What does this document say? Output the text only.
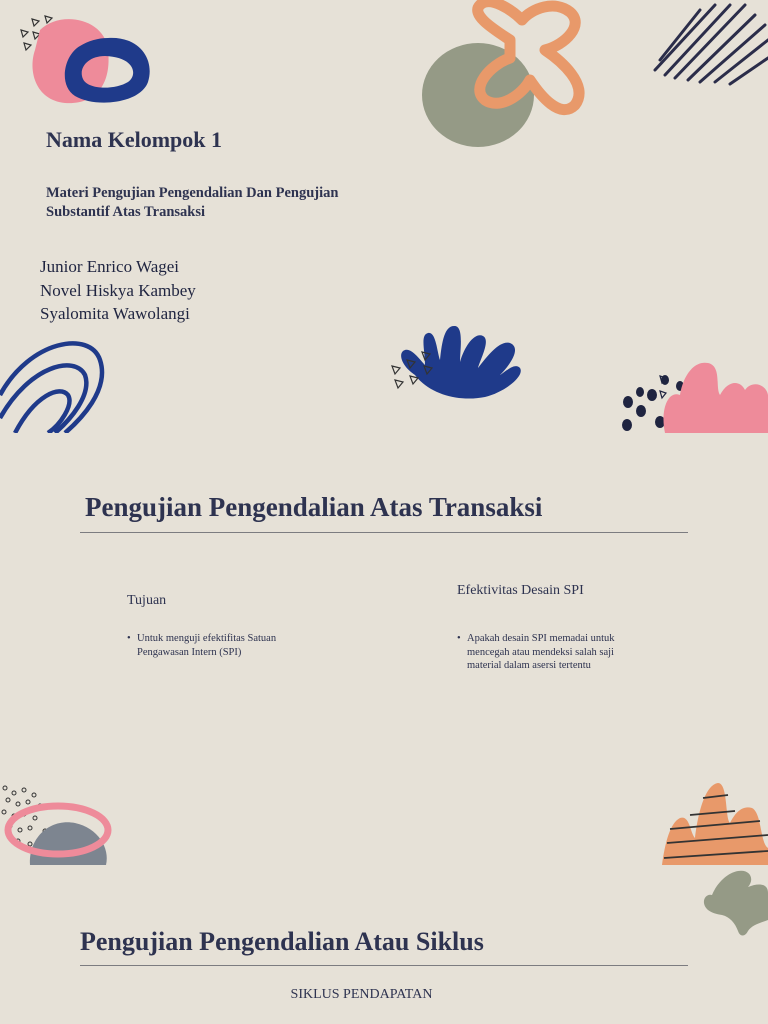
Nama Kelompok 1
Materi Pengujian Pengendalian Dan Pengujian
Substantif Atas Transaksi
Junior Enrico Wagei
Novel Hiskya Kambey
Syalomita Wawolangi
Pengujian Pengendalian Atas Transaksi
Tujuan
• Untuk menguji efektifitas Satuan
Pengawasan Intern (SPI)
Efektivitas Desain SPI
• Apakah desain SPI memadai untuk
mencegah atau mendeksi salah saji
material dalam asersi tertentu
Pengujian Pengendalian Atau Siklus
SIKLUS PENDAPATAN
